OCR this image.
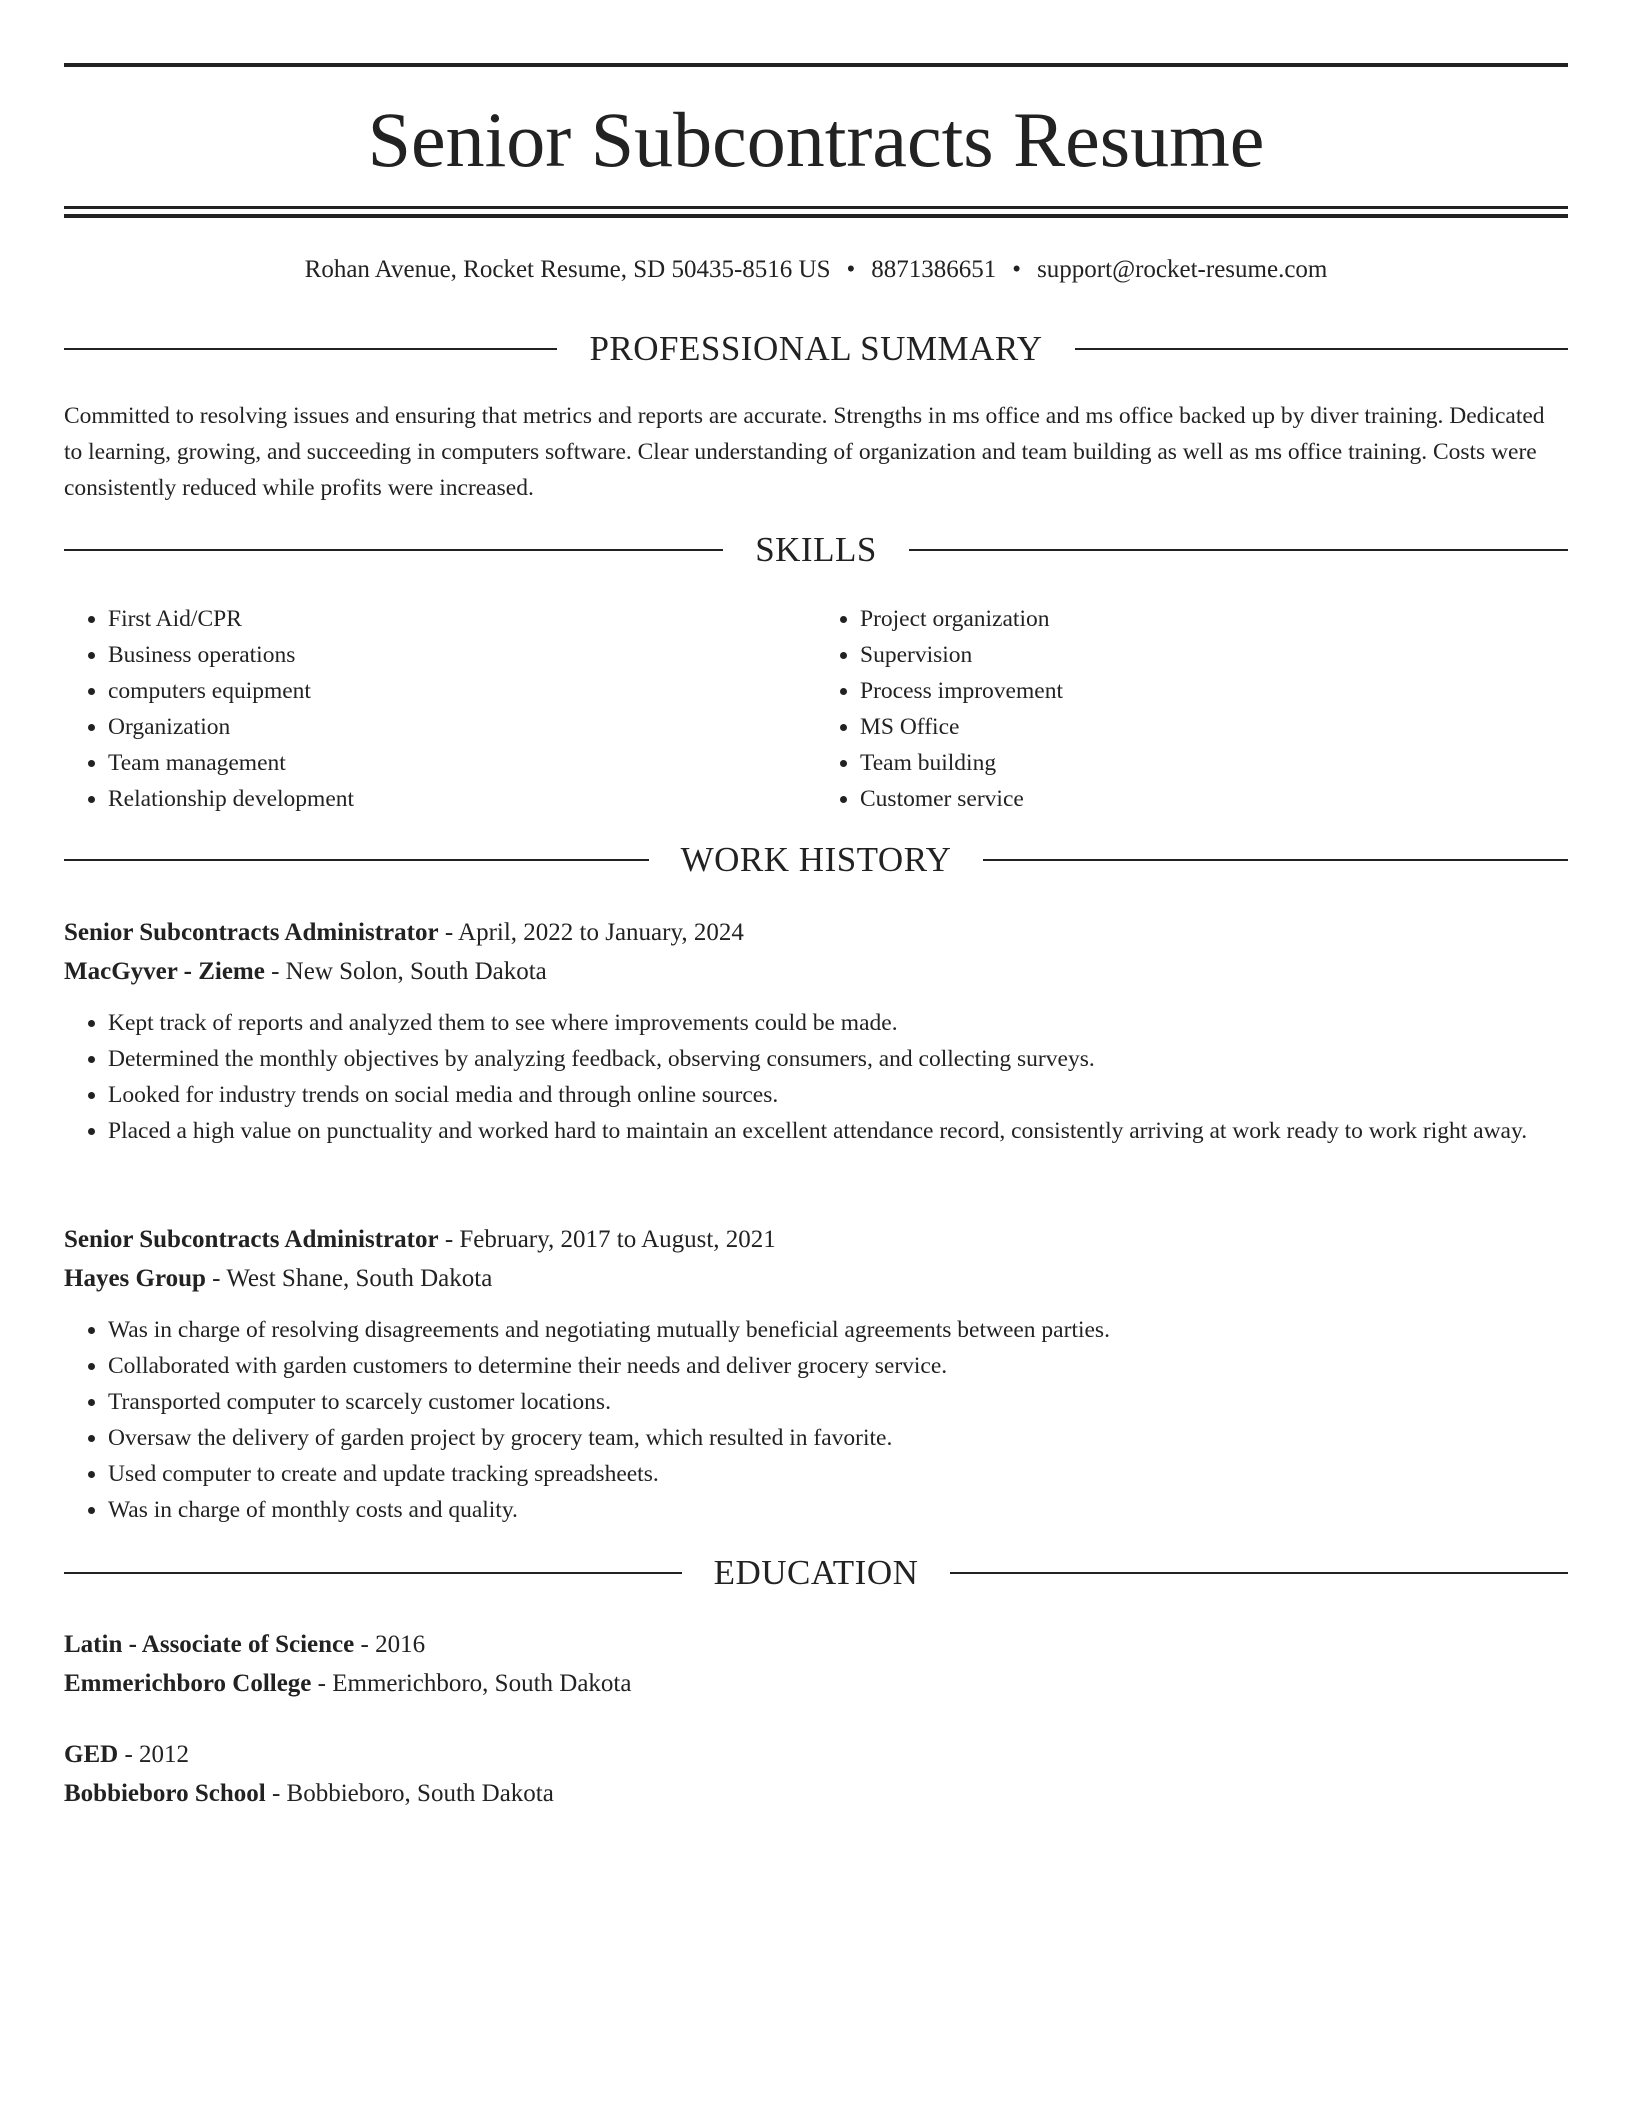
Senior Subcontracts Resume
Rohan Avenue, Rocket Resume, SD 50435-8516 US • 8871386651 • support@rocket-resume.com
PROFESSIONAL SUMMARY

Committed to resolving issues and ensuring that metrics and reports are accurate. Strengths in ms office and ms office backed up by diver training. Dedicated to learning, growing, and succeeding in computers software. Clear understanding of organization and team building as well as ms office training. Costs were consistently reduced while profits were increased.

SKILLS
• First Aid/CPR
• Business operations
• computers equipment
• Organization
• Team management
• Relationship development
• Project organization
• Supervision
• Process improvement
• MS Office
• Team building
• Customer service
WORK HISTORY
Senior Subcontracts Administrator - April, 2022 to January, 2024
MacGyver - Zieme - New Solon, South Dakota
• Kept track of reports and analyzed them to see where improvements could be made.
• Determined the monthly objectives by analyzing feedback, observing consumers, and collecting surveys.
• Looked for industry trends on social media and through online sources.
• Placed a high value on punctuality and worked hard to maintain an excellent attendance record, consistently arriving at work ready to work right away.
Senior Subcontracts Administrator - February, 2017 to August, 2021
Hayes Group - West Shane, South Dakota
• Was in charge of resolving disagreements and negotiating mutually beneficial agreements between parties.
• Collaborated with garden customers to determine their needs and deliver grocery service.
• Transported computer to scarcely customer locations.
• Oversaw the delivery of garden project by grocery team, which resulted in favorite.
• Used computer to create and update tracking spreadsheets.
• Was in charge of monthly costs and quality.
EDUCATION
Latin - Associate of Science - 2016
Emmerichboro College - Emmerichboro, South Dakota
GED - 2012
Bobbieboro School - Bobbieboro, South Dakota
